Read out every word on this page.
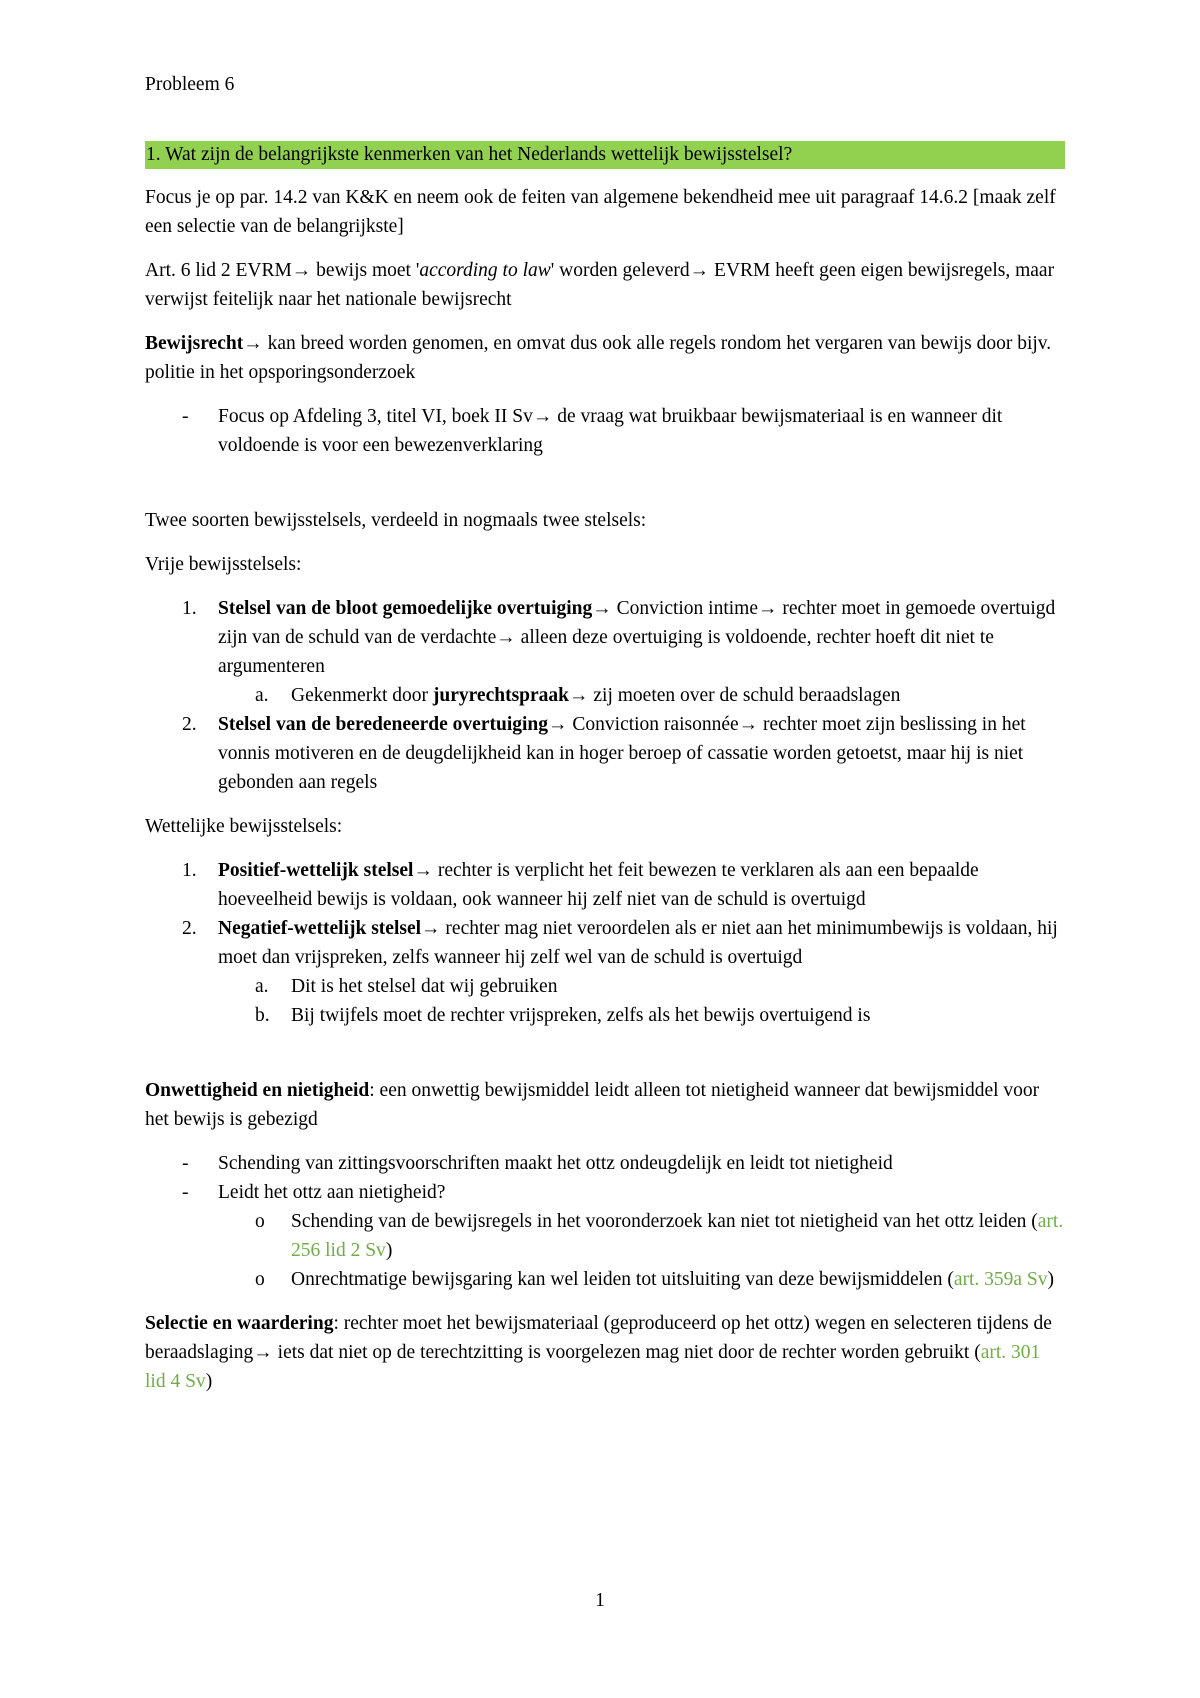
Probleem 6

1. Wat zijn de belangrijkste kenmerken van het Nederlands wettelijk bewijsstelsel?

Focus je op par. 14.2 van K&K en neem ook de feiten van algemene bekendheid mee uit paragraaf 14.6.2 [maak zelf een selectie van de belangrijkste]

Art. 6 lid 2 EVRM→ bewijs moet 'according to law' worden geleverd→ EVRM heeft geen eigen bewijsregels, maar verwijst feitelijk naar het nationale bewijsrecht

Bewijsrecht→ kan breed worden genomen, en omvat dus ook alle regels rondom het vergaren van bewijs door bijv. politie in het opsporingsonderzoek

- Focus op Afdeling 3, titel VI, boek II Sv→ de vraag wat bruikbaar bewijsmateriaal is en wanneer dit voldoende is voor een bewezenverklaring

Twee soorten bewijsstelsels, verdeeld in nogmaals twee stelsels:

Vrije bewijsstelsels:

1. Stelsel van de bloot gemoedelijke overtuiging→ Conviction intime→ rechter moet in gemoede overtuigd zijn van de schuld van de verdachte→ alleen deze overtuiging is voldoende, rechter hoeft dit niet te argumenteren
a. Gekenmerkt door juryrechtspraak→ zij moeten over de schuld beraadslagen
2. Stelsel van de beredeneerde overtuiging→ Conviction raisonnée→ rechter moet zijn beslissing in het vonnis motiveren en de deugdelijkheid kan in hoger beroep of cassatie worden getoetst, maar hij is niet gebonden aan regels

Wettelijke bewijsstelsels:

1. Positief-wettelijk stelsel→ rechter is verplicht het feit bewezen te verklaren als aan een bepaalde hoeveelheid bewijs is voldaan, ook wanneer hij zelf niet van de schuld is overtuigd
2. Negatief-wettelijk stelsel→ rechter mag niet veroordelen als er niet aan het minimumbewijs is voldaan, hij moet dan vrijspreken, zelfs wanneer hij zelf wel van de schuld is overtuigd
a. Dit is het stelsel dat wij gebruiken
b. Bij twijfels moet de rechter vrijspreken, zelfs als het bewijs overtuigend is

Onwettigheid en nietigheid: een onwettig bewijsmiddel leidt alleen tot nietigheid wanneer dat bewijsmiddel voor het bewijs is gebezigd

- Schending van zittingsvoorschriften maakt het ottz ondeugdelijk en leidt tot nietigheid
- Leidt het ottz aan nietigheid?
o Schending van de bewijsregels in het vooronderzoek kan niet tot nietigheid van het ottz leiden (art. 256 lid 2 Sv)
o Onrechtmatige bewijsgaring kan wel leiden tot uitsluiting van deze bewijsmiddelen (art. 359a Sv)

Selectie en waardering: rechter moet het bewijsmateriaal (geproduceerd op het ottz) wegen en selecteren tijdens de beraadslaging→ iets dat niet op de terechtzitting is voorgelezen mag niet door de rechter worden gebruikt (art. 301 lid 4 Sv)

1
